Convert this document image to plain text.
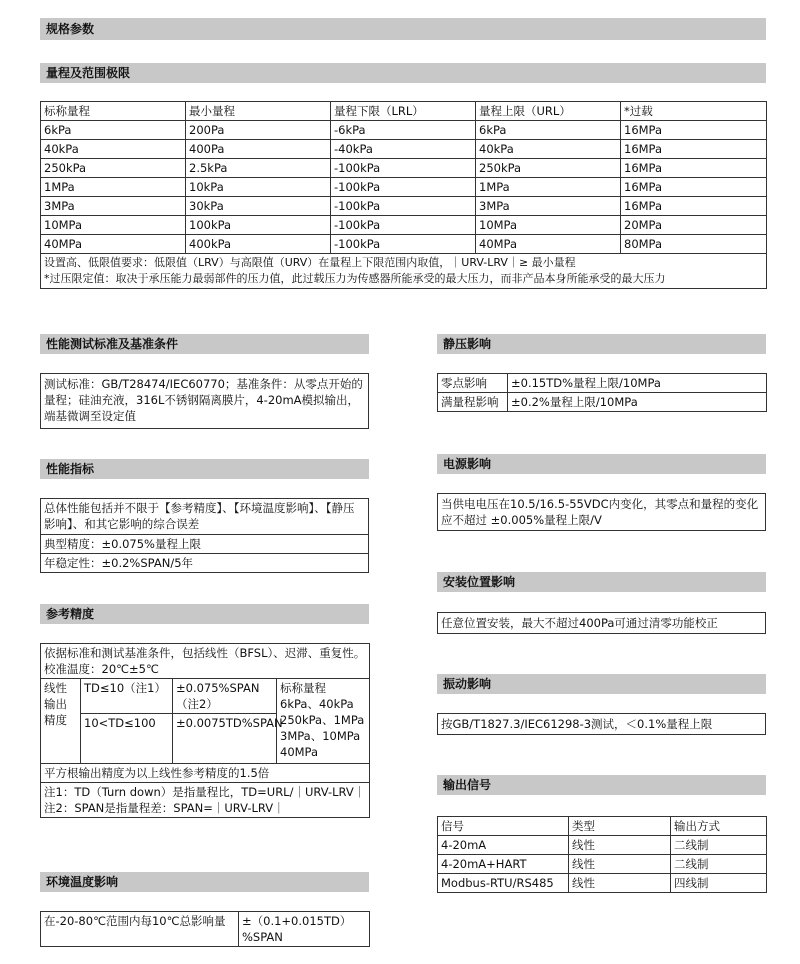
规格参数
量程及范围极限
标称量程	最小量程	量程下限（LRL）	量程上限（URL）	*过载
6kPa	200Pa	-6kPa	6kPa	16MPa
40kPa	400Pa	-40kPa	40kPa	16MPa
250kPa	2.5kPa	-100kPa	250kPa	16MPa
1MPa	10kPa	-100kPa	1MPa	16MPa
3MPa	30kPa	-100kPa	3MPa	16MPa
10MPa	100kPa	-100kPa	10MPa	20MPa
40MPa	400kPa	-100kPa	40MPa	80MPa

设置高、低限值要求：低限值（LRV）与高限值（URV）在量程上下限范围内取值，｜URV-LRV｜≥ 最小量程
*过压限定值：取决于承压能力最弱部件的压力值，此过载压力为传感器所能承受的最大压力，而非产品本身所能承受的最大压力				
性能测试标准及基准条件
测试标准：GB/T28474/IEC60770；基准条件：从零点开始的量程；硅油充液，316L不锈钢隔离膜片，4-20mA模拟输出，端基微调至设定值
性能指标
总体性能包括并不限于【参考精度】、【环境温度影响】、【静压影响】、和其它影响的综合误差
典型精度：±0.075%量程上限
年稳定性：±0.2%SPAN/5年
参考精度
依据标准和测试基准条件，包括线性（BFSL）、迟滞、重复性。校准温度：20℃±5℃			
线性输出精度	TD≤10（注1）	±0.075%SPAN（注2）	标称量程
6kPa、40kPa 250kPa、1MPa 3MPa、10MPa 40MPa

	10<TD≤100	±0.0075TD%SPAN	
平方根输出精度为以上线性参考精度的1.5倍			

注1：TD（Turn down）是指量程比，TD=URL/｜URV-LRV｜
注2：SPAN是指量程差：SPAN=｜URV-LRV｜			
环境温度影响
在-20-80℃范围内每10℃总影响量	±（0.1+0.015TD）%SPAN
静压影响
零点影响	±0.15TD%量程上限/10MPa
满量程影响	±0.2%量程上限/10MPa
电源影响
当供电电压在10.5/16.5-55VDC内变化，其零点和量程的变化应不超过 ±0.005%量程上限/V
安装位置影响
任意位置安装，最大不超过400Pa可通过清零功能校正
振动影响
按GB/T1827.3/IEC61298-3测试，＜0.1%量程上限
输出信号
信号	类型	输出方式
4-20mA	线性	二线制
4-20mA+HART	线性	二线制
Modbus-RTU/RS485	线性	四线制
